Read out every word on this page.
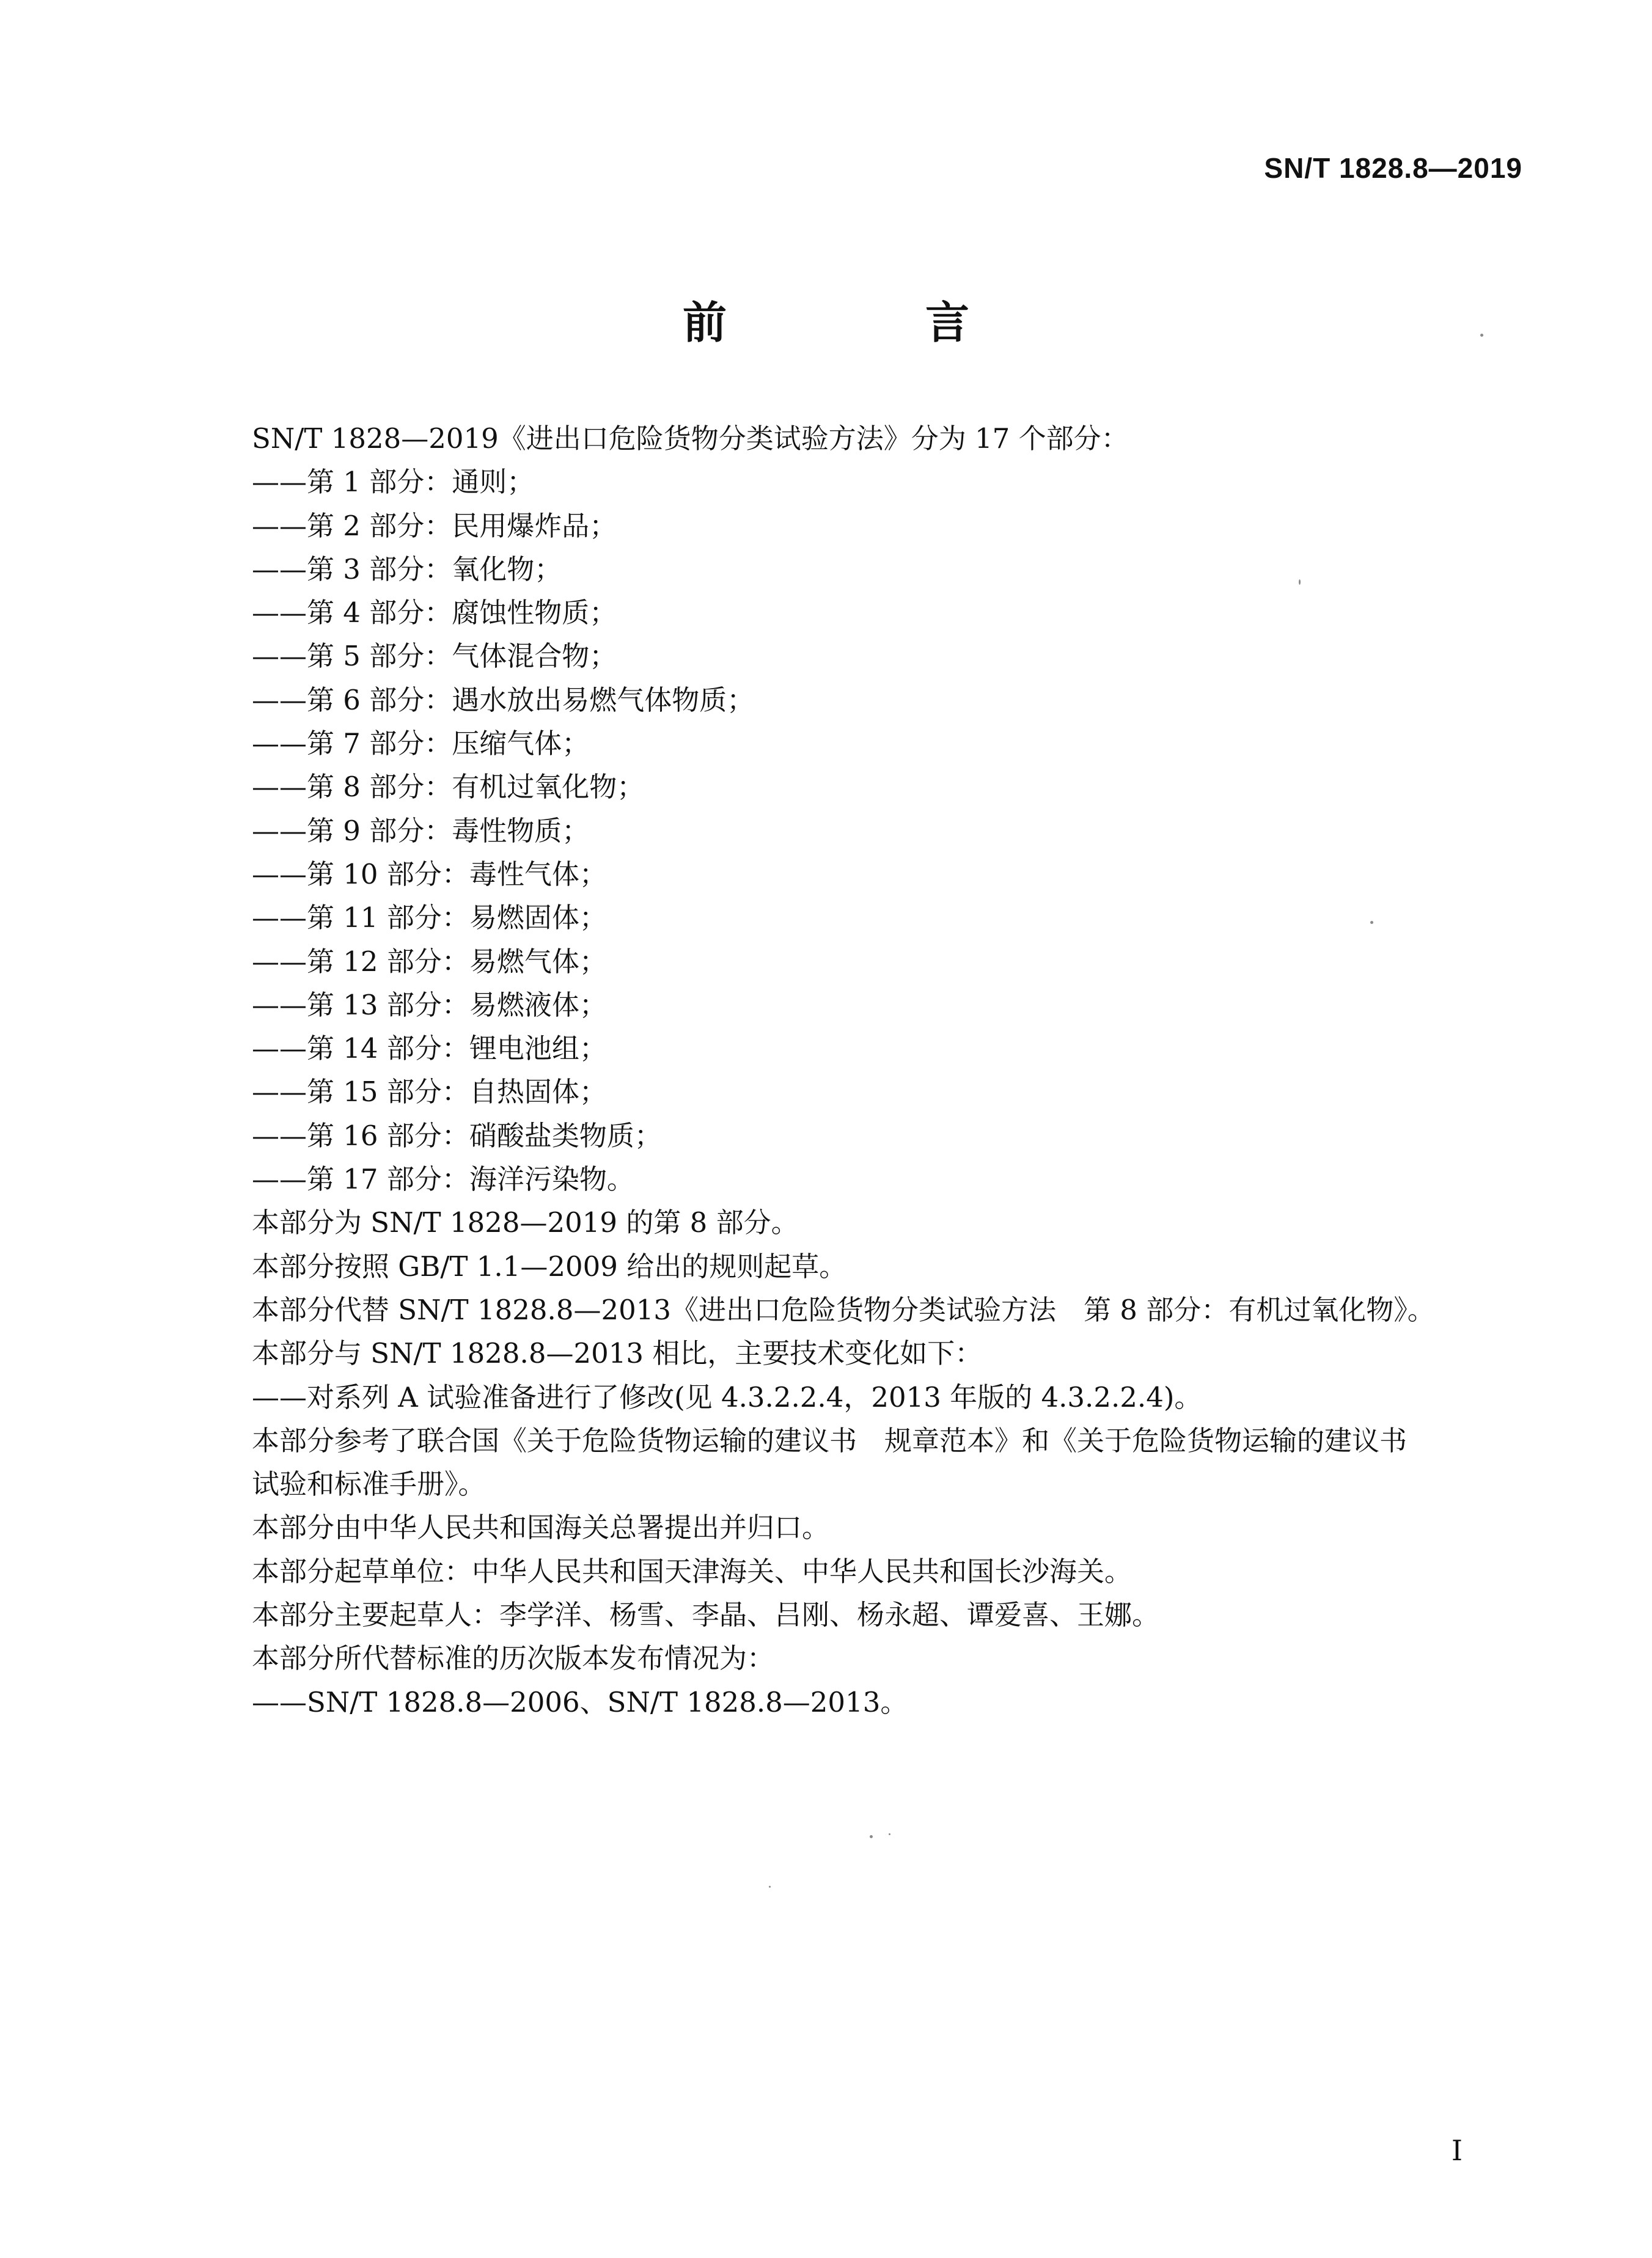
SN/T 1828.8—2019
前 言
SN/T 1828—2019《进出口危险货物分类试验方法》分为 17 个部分：
——第 1 部分：通则；
——第 2 部分：民用爆炸品；
——第 3 部分：氧化物；
——第 4 部分：腐蚀性物质；
——第 5 部分：气体混合物；
——第 6 部分：遇水放出易燃气体物质；
——第 7 部分：压缩气体；
——第 8 部分：有机过氧化物；
——第 9 部分：毒性物质；
——第 10 部分：毒性气体；
——第 11 部分：易燃固体；
——第 12 部分：易燃气体；
——第 13 部分：易燃液体；
——第 14 部分：锂电池组；
——第 15 部分：自热固体；
——第 16 部分：硝酸盐类物质；
——第 17 部分：海洋污染物。
本部分为 SN/T 1828—2019 的第 8 部分。
本部分按照 GB/T 1.1—2009 给出的规则起草。
本部分代替 SN/T 1828.8—2013《进出口危险货物分类试验方法　第 8 部分：有机过氧化物》。
本部分与 SN/T 1828.8—2013 相比，主要技术变化如下：
——对系列 A 试验准备进行了修改(见 4.3.2.2.4，2013 年版的 4.3.2.2.4)。
本部分参考了联合国《关于危险货物运输的建议书　规章范本》和《关于危险货物运输的建议书
试验和标准手册》。
本部分由中华人民共和国海关总署提出并归口。
本部分起草单位：中华人民共和国天津海关、中华人民共和国长沙海关。
本部分主要起草人：李学洋、杨雪、李晶、吕刚、杨永超、谭爱喜、王娜。
本部分所代替标准的历次版本发布情况为：
——SN/T 1828.8—2006、SN/T 1828.8—2013。
I
